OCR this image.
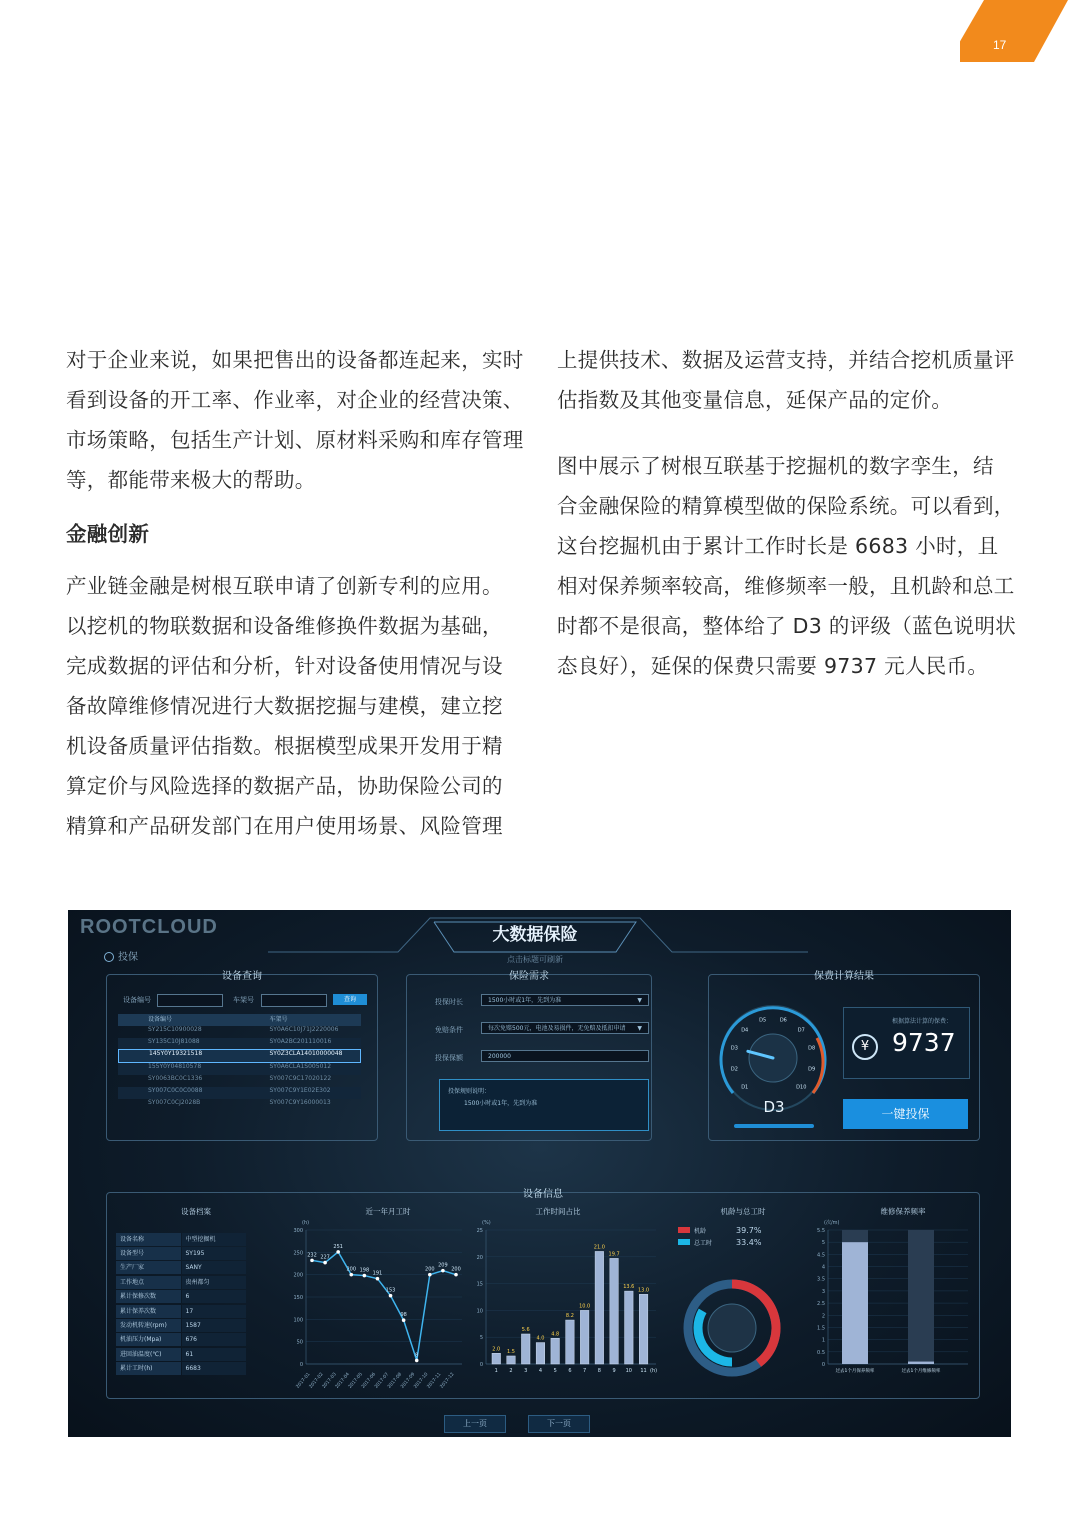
17
对于企业来说，如果把售出的设备都连起来，实时
看到设备的开工率、作业率，对企业的经营决策、
市场策略，包括生产计划、原材料采购和库存管理
等，都能带来极大的帮助。

金融创新

产业链金融是树根互联申请了创新专利的应用。
以挖机的物联数据和设备维修换件数据为基础，
完成数据的评估和分析，针对设备使用情况与设
备故障维修情况进行大数据挖掘与建模，建立挖
机设备质量评估指数。根据模型成果开发用于精
算定价与风险选择的数据产品，协助保险公司的
精算和产品研发部门在用户使用场景、风险管理
上提供技术、数据及运营支持，并结合挖机质量评
估指数及其他变量信息，延保产品的定价。
图中展示了树根互联基于挖掘机的数字孪生，结
合金融保险的精算模型做的保险系统。可以看到，
这台挖掘机由于累计工作时长是 6683 小时，且
相对保养频率较高，维修频率一般，且机龄和总工
时都不是很高，整体给了 D3 的评级（蓝色说明状
态良好），延保的保费只需要 9737 元人民币。
ROOTCLOUD
投保
大数据保险
点击标题可刷新
设备查询
设备编号	车架号	查询
设备编号	车架号
SY215C10900028	SY0A6C10J71J2220006
SY135C10J81088	SY0A2BC201110016
145Y0Y19321518	SY0Z3CLA14010000048
155Y0Y04810578	SY0A6CLA1S005012
SY0063BC0C1336	SY007C9C17020122
SY007C0C0C0088	SY007C9Y1E02E302
SY007C0CJ2028B	SY007C9Y16000013
保险需求
投保时长	1500小时或1年，先到为准	▼
免赔条件	每次免赔500元，电池及易损件，无免赔及抵扣申请	▼
投保保额	200000
投保规则说明：
1500小时或1年，先到为准
保费计算结果
D1
D2
D3
D4
D5	D6
D7
D8
D9
D10
D3
根据算法计算的保费：
¥ 9737
一键投保
设备信息
设备档案
设备名称	中型挖掘机
设备型号	SY195
生产厂家	SANY
工作地点	贵州都匀
累计保修次数	6
累计保养次数	17
发动机转速(rpm)	1587
机油压力(Mpa)	676
进回油温度(℃)	61
累计工时(h)	6683
近一年月工时
0
50
100
150
200
250
300
(h)
232
2017-01
227
2017-02
251
2017-03
200
2017-04
198
2017-05
191
2017-06
153
2017-07
98
2017-08
8
2017-09
200
2017-10
209
2017-11
200
2017-12
工作时间占比
0
5
10
15
20
25
(%)
2.0
1
1.5
2
5.6
3
4.0
4
4.8
5
8.2
6
10.0
7
21.0
8
19.7
9
13.6
10
13.0
11 (h)
机龄与总工时
机龄	39.7%
总工时	33.4%
维修保养频率
0
0.5
1
1.5
2
2.5
3
3.5
4
4.5
5
5.5
(次/m)
过去1个月保养频率	过去1个月维修频率
上一页	下一页
